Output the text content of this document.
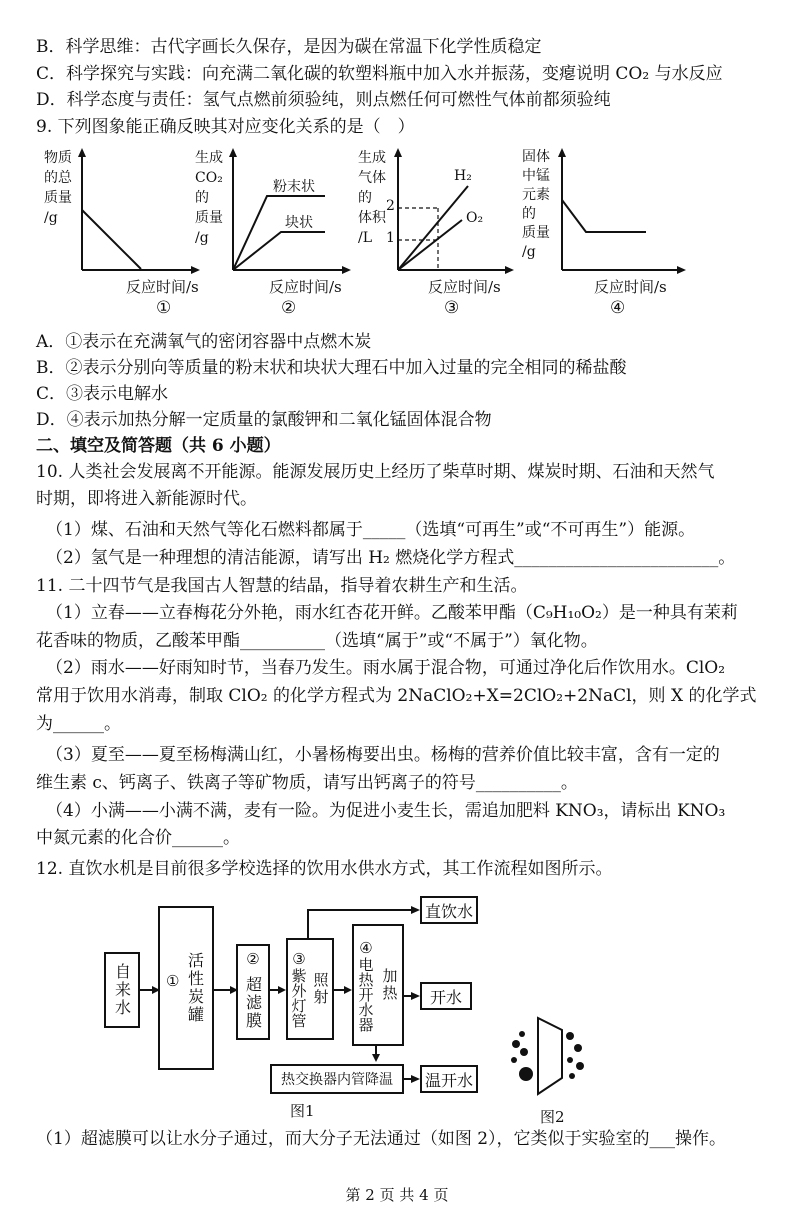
B．科学思维：古代字画长久保存，是因为碳在常温下化学性质稳定
C．科学探究与实践：向充满二氧化碳的软塑料瓶中加入水并振荡，变瘪说明 CO₂ 与水反应
D．科学态度与责任：氢气点燃前须验纯，则点燃任何可燃性气体前都须验纯
9. 下列图象能正确反映其对应变化关系的是（　）
物质
的总
质量
/g
反应时间/s
①
生成
CO₂
的
质量
/g
粉末状
块状
反应时间/s
②
生成
气体
的
体积
/L
2
1
H₂
O₂
反应时间/s
③
固体
中锰
元素
的
质量
/g
反应时间/s
④
A．①表示在充满氧气的密闭容器中点燃木炭
B．②表示分别向等质量的粉末状和块状大理石中加入过量的完全相同的稀盐酸
C．③表示电解水
D．④表示加热分解一定质量的氯酸钾和二氧化锰固体混合物
二、填空及简答题（共 6 小题）
10. 人类社会发展离不开能源。能源发展历史上经历了柴草时期、煤炭时期、石油和天然气
时期，即将进入新能源时代。
（1）煤、石油和天然气等化石燃料都属于_____（选填“可再生”或“不可再生”）能源。
（2）氢气是一种理想的清洁能源，请写出 H₂ 燃烧化学方程式________________________。
11. 二十四节气是我国古人智慧的结晶，指导着农耕生产和生活。
（1）立春——立春梅花分外艳，雨水红杏花开鲜。乙酸苯甲酯（C₉H₁₀O₂）是一种具有茉莉
花香味的物质，乙酸苯甲酯__________（选填“属于”或“不属于”）氧化物。
（2）雨水——好雨知时节，当春乃发生。雨水属于混合物，可通过净化后作饮用水。ClO₂
常用于饮用水消毒，制取 ClO₂ 的化学方程式为 2NaClO₂+X=2ClO₂+2NaCl，则 X 的化学式
为______。
（3）夏至——夏至杨梅满山红，小暑杨梅要出虫。杨梅的营养价值比较丰富，含有一定的
维生素 c、钙离子、铁离子等矿物质，请写出钙离子的符号__________。
（4）小满——小满不满，麦有一险。为促进小麦生长，需追加肥料 KNO₃，请标出 KNO₃
中氮元素的化合价______。
12. 直饮水机是目前很多学校选择的饮用水供水方式，其工作流程如图所示。
自来水 ① 活性炭罐	②
超滤膜
③
紫外灯管 照射
④
电热开水器 加热
直饮水
开水
热交换器内管降温 温开水
图1	图2
（1）超滤膜可以让水分子通过，而大分子无法通过（如图 2），它类似于实验室的___操作。
第 2 页 共 4 页
